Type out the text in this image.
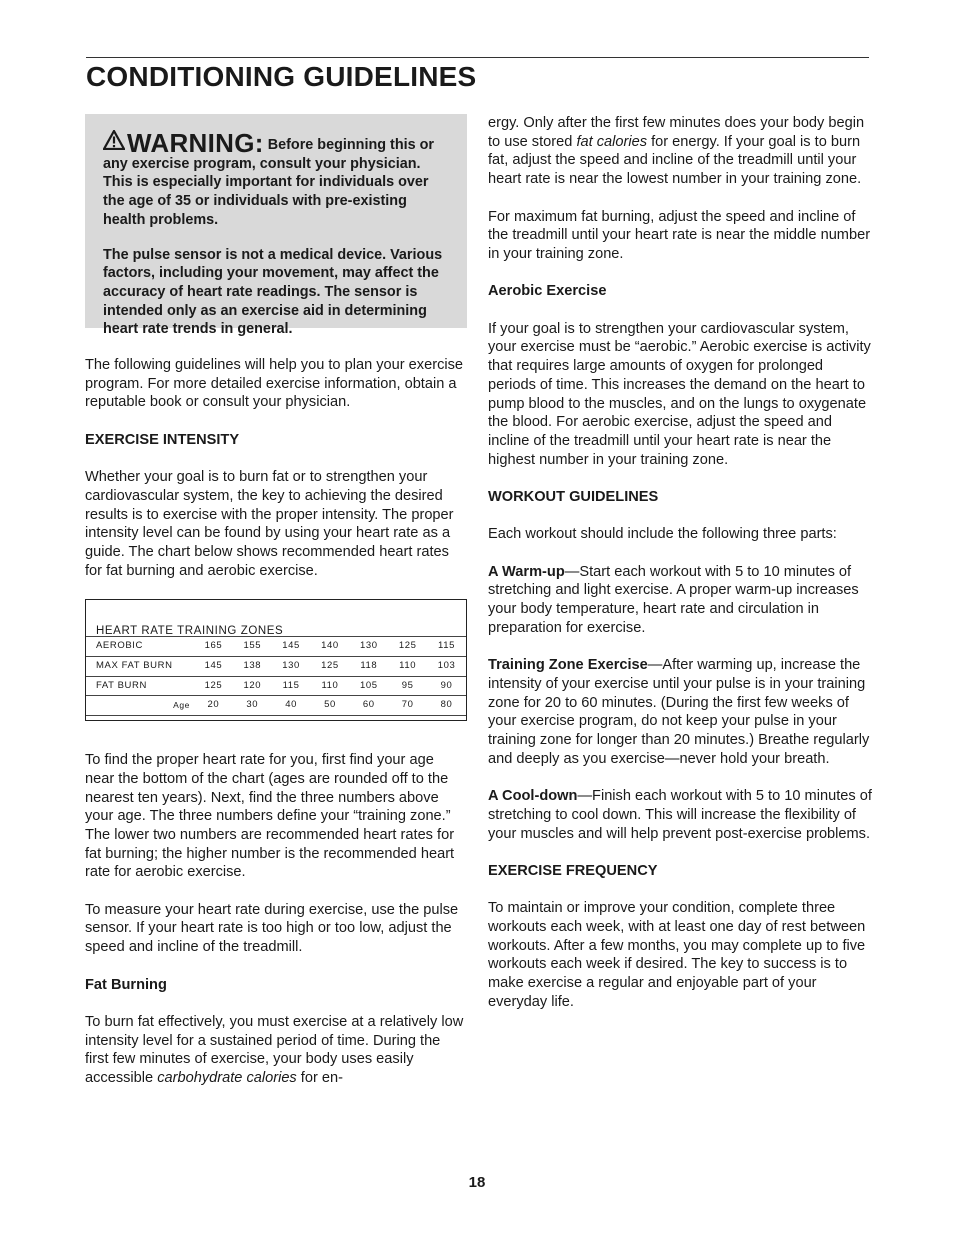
CONDITIONING GUIDELINES

WARNING: Before beginning this or any exercise program, consult your physician. This is especially important for individuals over the age of 35 or individuals with pre-existing health problems.

The pulse sensor is not a medical device. Various factors, including your movement, may affect the accuracy of heart rate readings. The sensor is intended only as an exercise aid in determining heart rate trends in general.

The following guidelines will help you to plan your exercise program. For more detailed exercise information, obtain a reputable book or consult your physician.

EXERCISE INTENSITY

Whether your goal is to burn fat or to strengthen your cardiovascular system, the key to achieving the desired results is to exercise with the proper intensity. The proper intensity level can be found by using your heart rate as a guide. The chart below shows recommended heart rates for fat burning and aerobic exercise.

HEART RATE TRAINING ZONES
AEROBIC	165	155	145	140	130	125	115
MAX FAT BURN	145	138	130	125	118	110	103
FAT BURN	125	120	115	110	105	95	90
Age	20	30	40	50	60	70	80

To find the proper heart rate for you, first find your age near the bottom of the chart (ages are rounded off to the nearest ten years). Next, find the three numbers above your age. The three numbers define your “training zone.” The lower two numbers are recommended heart rates for fat burning; the higher number is the recommended heart rate for aerobic exercise.

To measure your heart rate during exercise, use the pulse sensor. If your heart rate is too high or too low, adjust the speed and incline of the treadmill.

Fat Burning

To burn fat effectively, you must exercise at a relatively low intensity level for a sustained period of time. During the first few minutes of exercise, your body uses easily accessible carbohydrate calories for en-

ergy. Only after the first few minutes does your body begin to use stored fat calories for energy. If your goal is to burn fat, adjust the speed and incline of the treadmill until your heart rate is near the lowest number in your training zone.

For maximum fat burning, adjust the speed and incline of the treadmill until your heart rate is near the middle number in your training zone.

Aerobic Exercise

If your goal is to strengthen your cardiovascular system, your exercise must be “aerobic.” Aerobic exercise is activity that requires large amounts of oxygen for prolonged periods of time. This increases the demand on the heart to pump blood to the muscles, and on the lungs to oxygenate the blood. For aerobic exercise, adjust the speed and incline of the treadmill until your heart rate is near the highest number in your training zone.

WORKOUT GUIDELINES

Each workout should include the following three parts:

A Warm-up—Start each workout with 5 to 10 minutes of stretching and light exercise. A proper warm-up increases your body temperature, heart rate and circulation in preparation for exercise.

Training Zone Exercise—After warming up, increase the intensity of your exercise until your pulse is in your training zone for 20 to 60 minutes. (During the first few weeks of your exercise program, do not keep your pulse in your training zone for longer than 20 minutes.) Breathe regularly and deeply as you exercise—never hold your breath.

A Cool-down—Finish each workout with 5 to 10 minutes of stretching to cool down. This will increase the flexibility of your muscles and will help prevent post-exercise problems.

EXERCISE FREQUENCY

To maintain or improve your condition, complete three workouts each week, with at least one day of rest between workouts. After a few months, you may complete up to five workouts each week if desired. The key to success is to make exercise a regular and enjoyable part of your everyday life.

18
